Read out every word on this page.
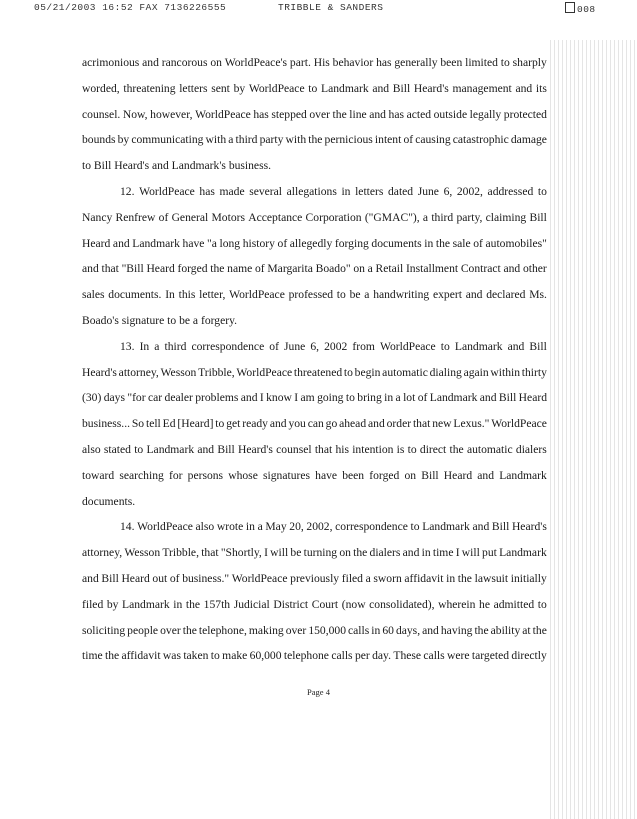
05/21/2003 16:52 FAX 7136226555	TRIBBLE & SANDERS	008
acrimonious and rancorous on WorldPeace's part. His behavior has generally been limited to sharply
worded, threatening letters sent by WorldPeace to Landmark and Bill Heard's management and its
counsel. Now, however, WorldPeace has stepped over the line and has acted outside legally protected
bounds by communicating with a third party with the pernicious intent of causing catastrophic damage
to Bill Heard's and Landmark's business.
12. WorldPeace has made several allegations in letters dated June 6, 2002, addressed to
Nancy Renfrew of General Motors Acceptance Corporation ("GMAC"), a third party, claiming Bill
Heard and Landmark have "a long history of allegedly forging documents in the sale of automobiles"
and that "Bill Heard forged the name of Margarita Boado" on a Retail Installment Contract and other
sales documents. In this letter, WorldPeace professed to be a handwriting expert and declared Ms.
Boado's signature to be a forgery.
13. In a third correspondence of June 6, 2002 from WorldPeace to Landmark and Bill
Heard's attorney, Wesson Tribble, WorldPeace threatened to begin automatic dialing again within thirty
(30) days "for car dealer problems and I know I am going to bring in a lot of Landmark and Bill Heard
business... So tell Ed [Heard] to get ready and you can go ahead and order that new Lexus." WorldPeace
also stated to Landmark and Bill Heard's counsel that his intention is to direct the automatic dialers
toward searching for persons whose signatures have been forged on Bill Heard and Landmark
documents.
14. WorldPeace also wrote in a May 20, 2002, correspondence to Landmark and Bill Heard's
attorney, Wesson Tribble, that "Shortly, I will be turning on the dialers and in time I will put Landmark
and Bill Heard out of business." WorldPeace previously filed a sworn affidavit in the lawsuit initially
filed by Landmark in the 157th Judicial District Court (now consolidated), wherein he admitted to
soliciting people over the telephone, making over 150,000 calls in 60 days, and having the ability at the
time the affidavit was taken to make 60,000 telephone calls per day. These calls were targeted directly
Page 4
